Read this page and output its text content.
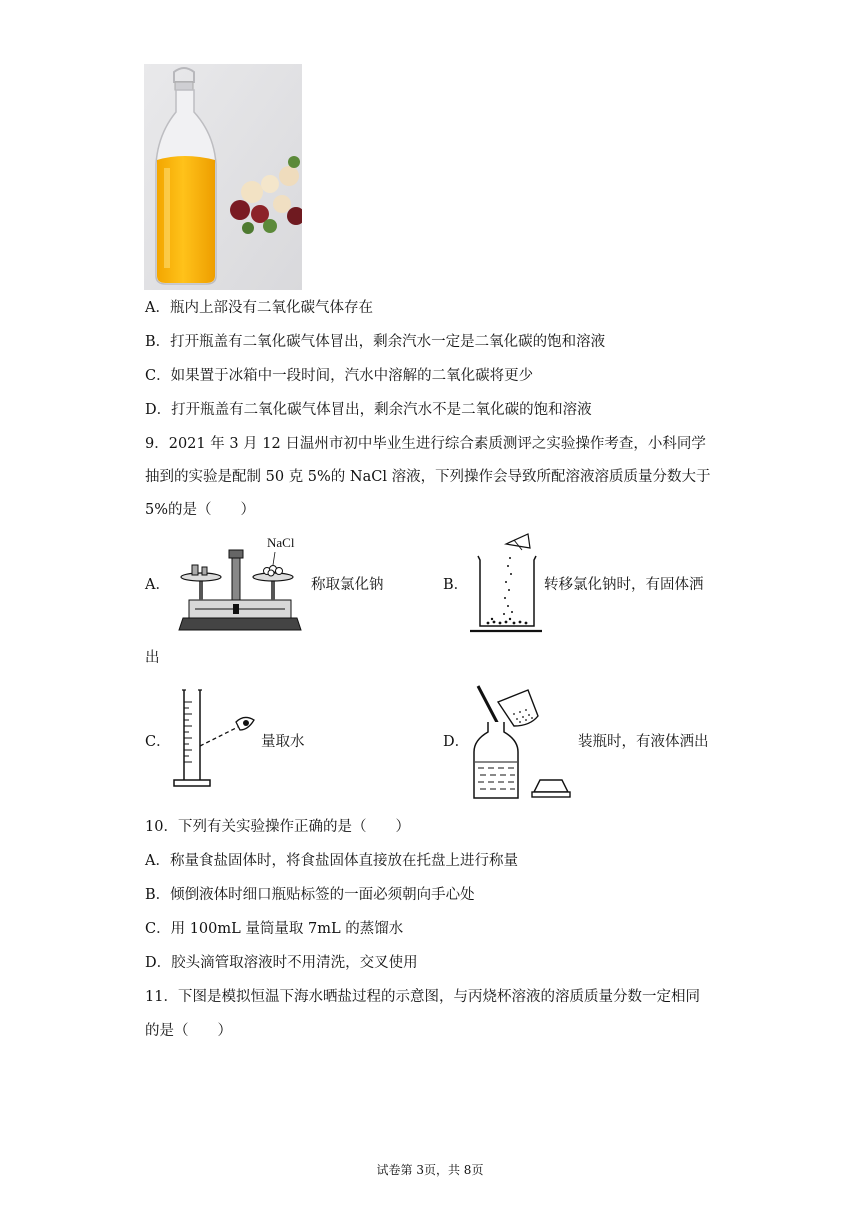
A．瓶内上部没有二氧化碳气体存在
B．打开瓶盖有二氧化碳气体冒出，剩余汽水一定是二氧化碳的饱和溶液
C．如果置于冰箱中一段时间，汽水中溶解的二氧化碳将更少
D．打开瓶盖有二氧化碳气体冒出，剩余汽水不是二氧化碳的饱和溶液
9．2021 年 3 月 12 日温州市初中毕业生进行综合素质测评之实验操作考查，小科同学
抽到的实验是配制 50 克 5%的 NaCl 溶液，下列操作会导致所配溶液溶质质量分数大于
5%的是（　　）
A．
NaCl
称取氯化钠	B．	转移氯化钠时，有固体洒
出
C．	量取水	D．	装瓶时，有液体洒出
10．下列有关实验操作正确的是（　　）
A．称量食盐固体时，将食盐固体直接放在托盘上进行称量
B．倾倒液体时细口瓶贴标签的一面必须朝向手心处
C．用 100mL 量筒量取 7mL 的蒸馏水
D．胶头滴管取溶液时不用清洗，交叉使用
11．下图是模拟恒温下海水晒盐过程的示意图，与丙烧杯溶液的溶质质量分数一定相同
的是（　　）
试卷第 3页，共 8页
